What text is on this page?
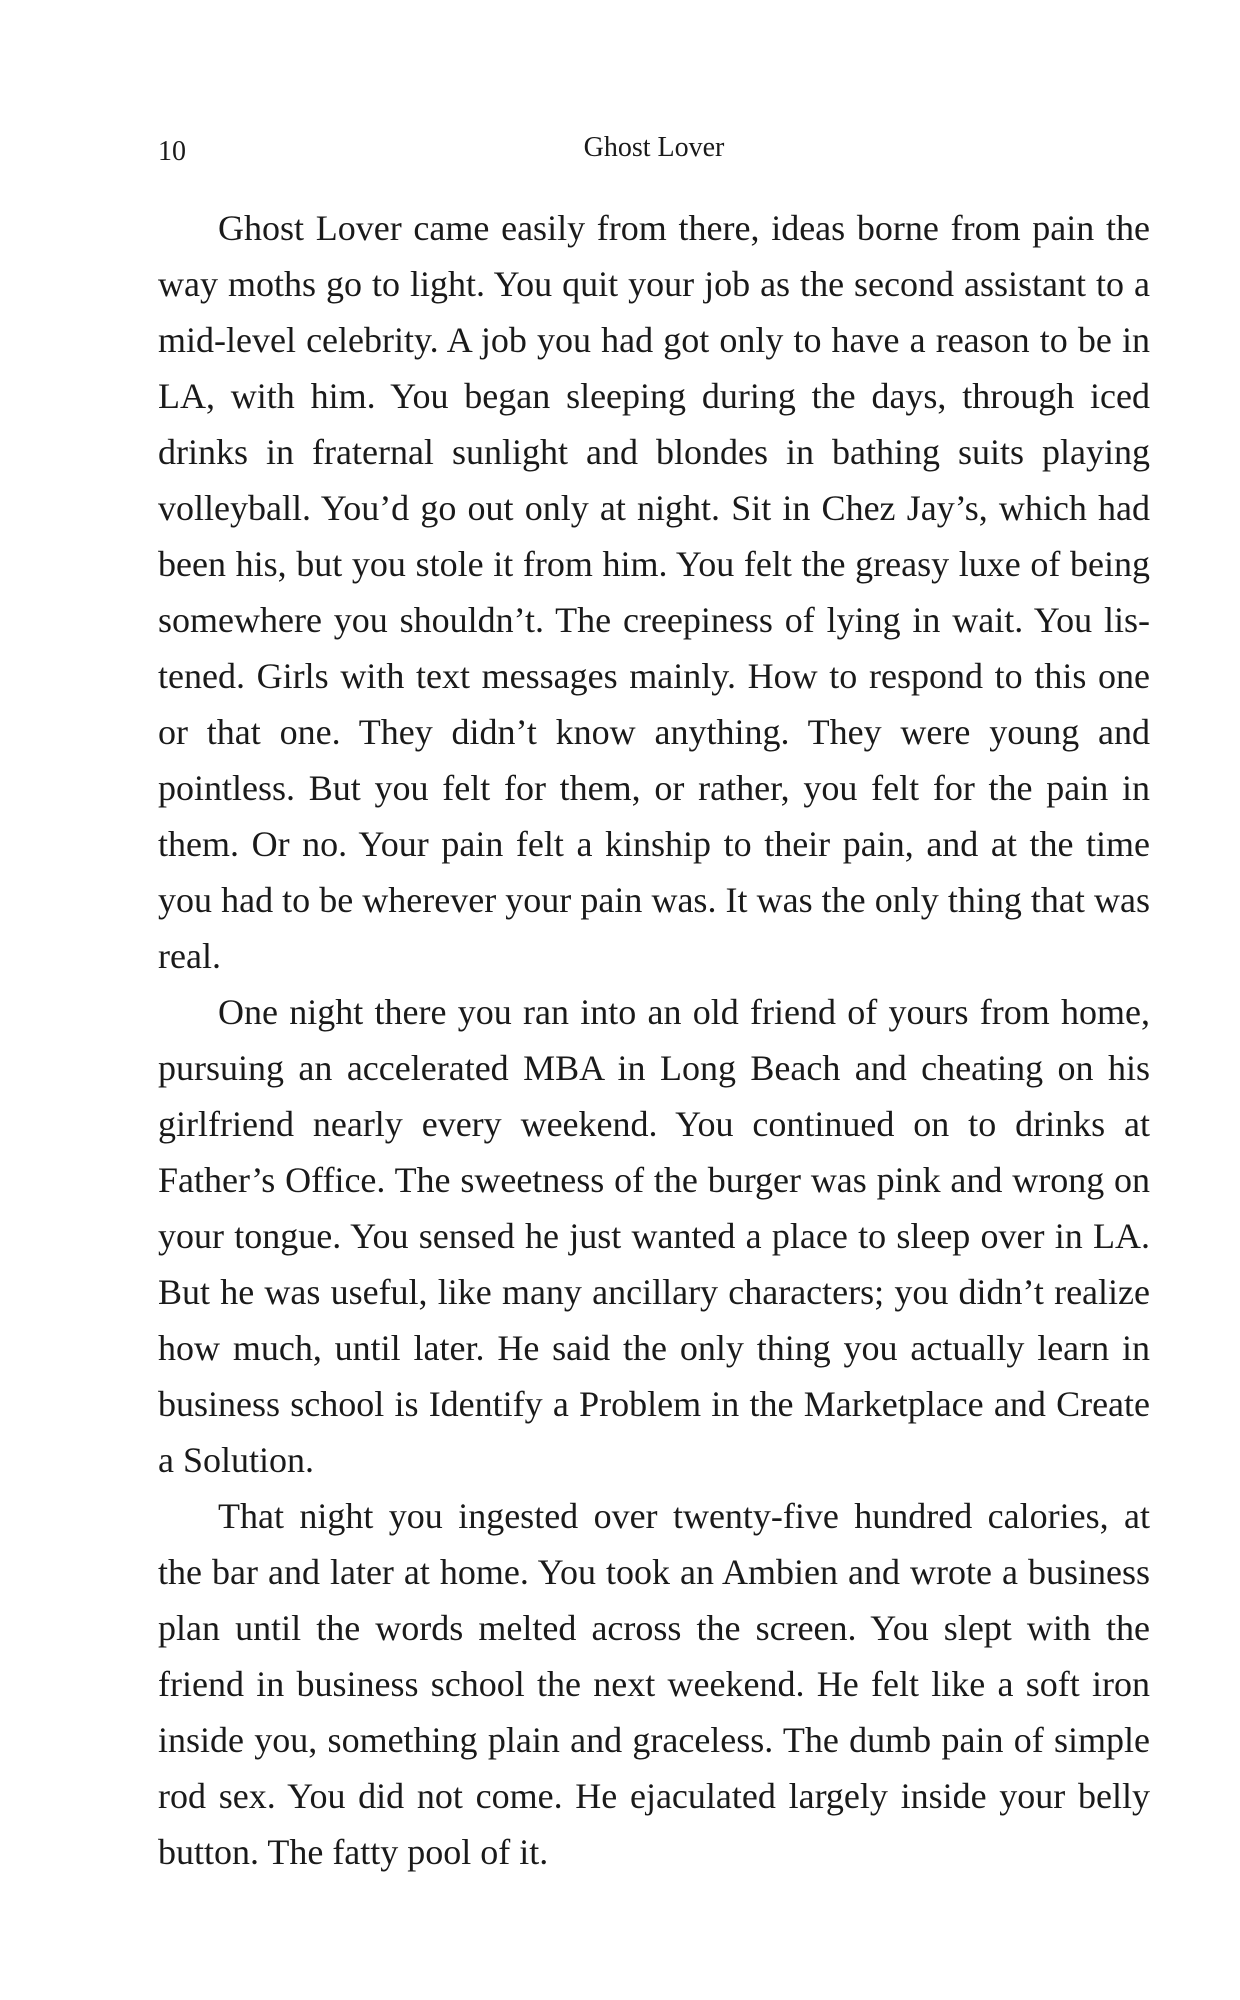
10	Ghost Lover

Ghost Lover came easily from there, ideas borne from pain the way moths go to light. You quit your job as the second assistant to a mid-level celebrity. A job you had got only to have a reason to be in LA, with him. You began sleeping during the days, through iced drinks in fraternal sunlight and blondes in bathing suits playing volleyball. You’d go out only at night. Sit in Chez Jay’s, which had been his, but you stole it from him. You felt the greasy luxe of being somewhere you shouldn’t. The creepiness of lying in wait. You listened. Girls with text messages mainly. How to respond to this one or that one. They didn’t know anything. They were young and pointless. But you felt for them, or rather, you felt for the pain in them. Or no. Your pain felt a kinship to their pain, and at the time you had to be wherever your pain was. It was the only thing that was real.

One night there you ran into an old friend of yours from home, pursuing an accelerated MBA in Long Beach and cheating on his girlfriend nearly every weekend. You continued on to drinks at Father’s Office. The sweetness of the burger was pink and wrong on your tongue. You sensed he just wanted a place to sleep over in LA. But he was useful, like many ancillary characters; you didn’t realize how much, until later. He said the only thing you actually learn in business school is Identify a Problem in the Marketplace and Create a Solution.

That night you ingested over twenty-five hundred calories, at the bar and later at home. You took an Ambien and wrote a business plan until the words melted across the screen. You slept with the friend in business school the next weekend. He felt like a soft iron inside you, something plain and graceless. The dumb pain of simple rod sex. You did not come. He ejaculated largely inside your belly button. The fatty pool of it.
